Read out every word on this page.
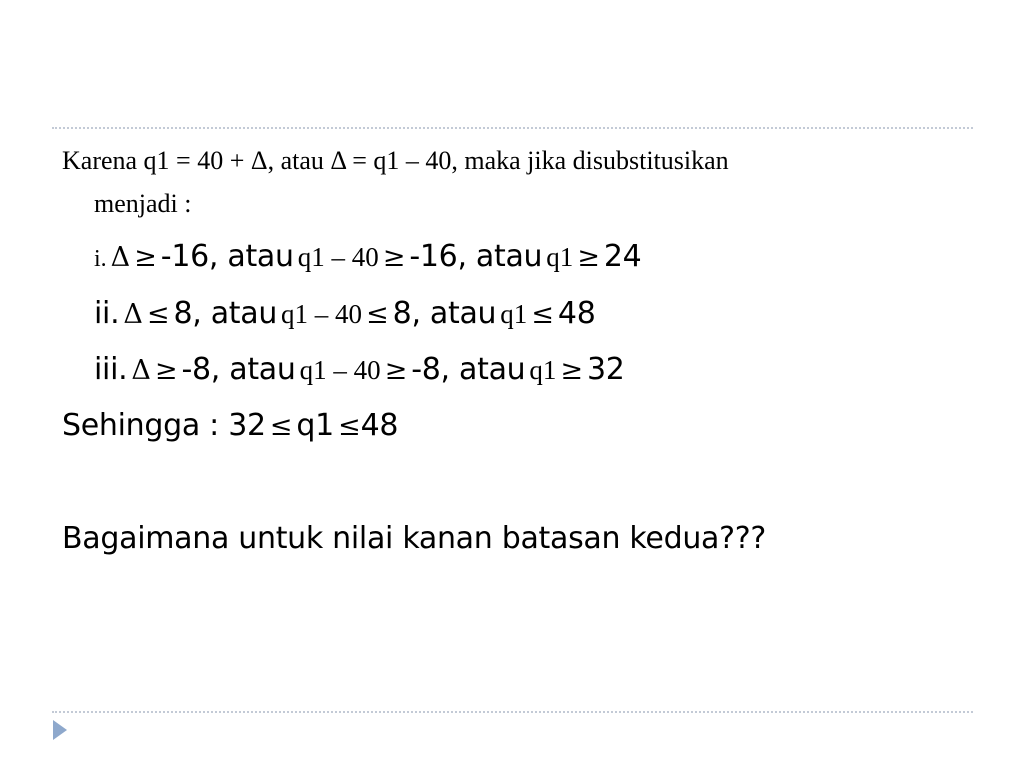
Karena q1 = 40 + Δ, atau Δ = q1 – 40, maka jika disubstitusikan
menjadi :
i. Δ ≥ -16, atau q1 – 40 ≥ -16, atau q1 ≥ 24
ii. Δ ≤ 8, atau q1 – 40 ≤ 8, atau q1 ≤ 48
iii. Δ ≥ -8, atau q1 – 40 ≥ -8, atau q1 ≥ 32
Sehingga : 32 ≤ q1 ≤48
Bagaimana untuk nilai kanan batasan kedua???
